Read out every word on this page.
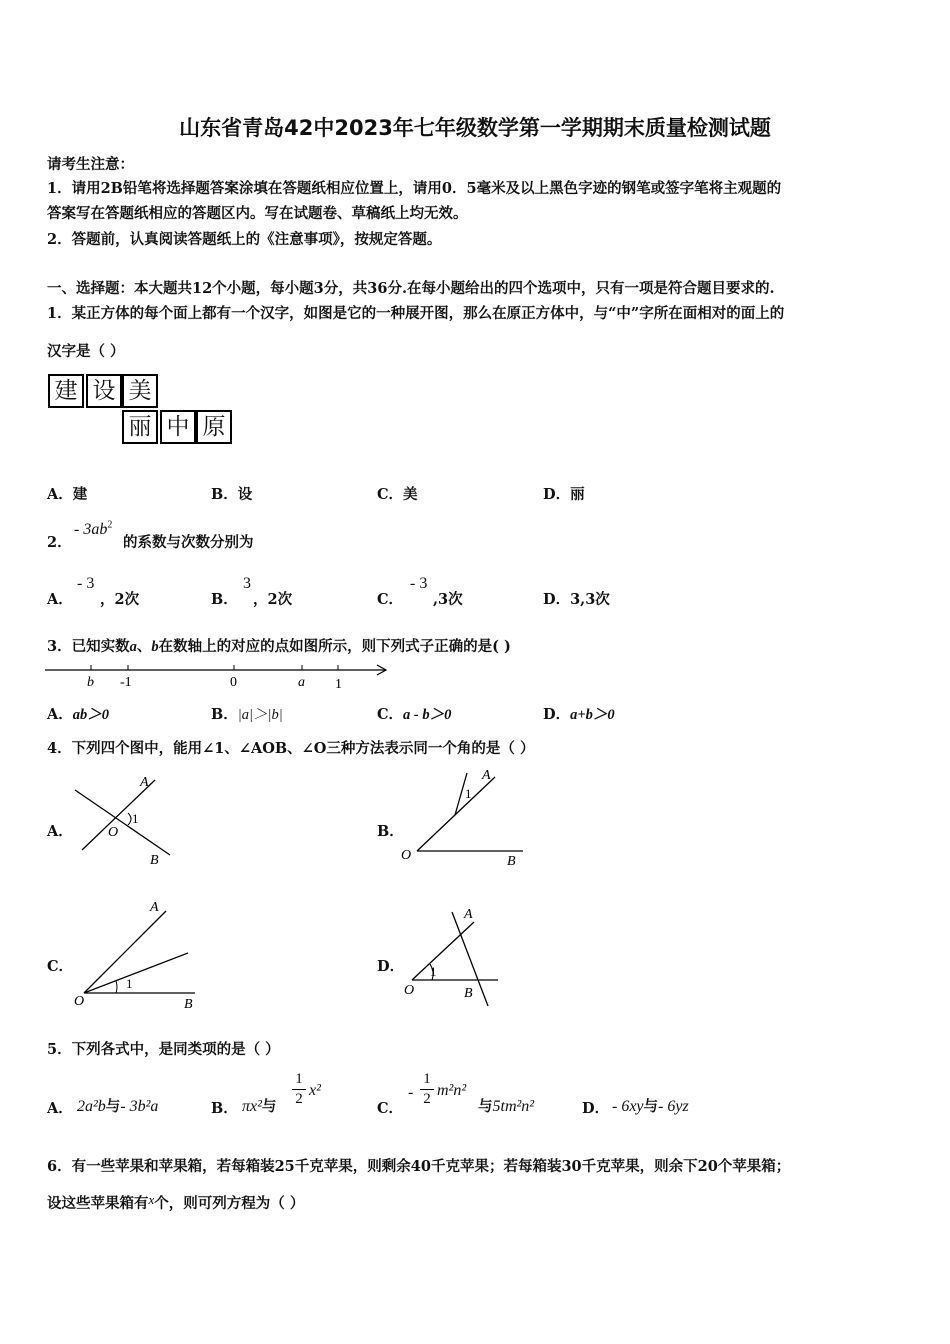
山东省青岛42中2023年七年级数学第一学期期末质量检测试题
请考生注意：
1．请用2B铅笔将选择题答案涂填在答题纸相应位置上，请用0．5毫米及以上黑色字迹的钢笔或签字笔将主观题的
答案写在答题纸相应的答题区内。写在试题卷、草稿纸上均无效。
2．答题前，认真阅读答题纸上的《注意事项》，按规定答题。
一、选择题：本大题共12个小题，每小题3分，共36分.在每小题给出的四个选项中，只有一项是符合题目要求的.
1．某正方体的每个面上都有一个汉字，如图是它的一种展开图，那么在原正方体中，与“中”字所在面相对的面上的
汉字是（ ）
建 设 美
丽 中 原
A．建	B．设	C．美	D．丽
2．
- $3ab^2$
的系数与次数分别为
A．
- 3
，2次	B．
3
，2次	C．
- 3
,3次	D．3,3次
3．已知实数a、b在数轴上的对应的点如图所示，则下列式子正确的是( )
b -1	0	a 1
A．ab＞0	B．|a|＞|b|	C．a - b＞0	D．a+b＞0
4．下列四个图中，能用∠1、∠AOB、∠O三种方法表示同一个角的是（ ）
A．
A
O
1
B
B．
A
1
O	B
C．
A
1
O	B
D．
A
1
O	B
5．下列各式中，是同类项的是（ ）
A． 2a²b与- 3b²a	B． πx²与
1
2 x²
C．
-
1
2 m²n²
与5tm²n²	D． - 6xy与- 6yz
6．有一些苹果和苹果箱，若每箱装25千克苹果，则剩余40千克苹果；若每箱装30千克苹果，则余下20个苹果箱；
设这些苹果箱有x个，则可列方程为（ ）
